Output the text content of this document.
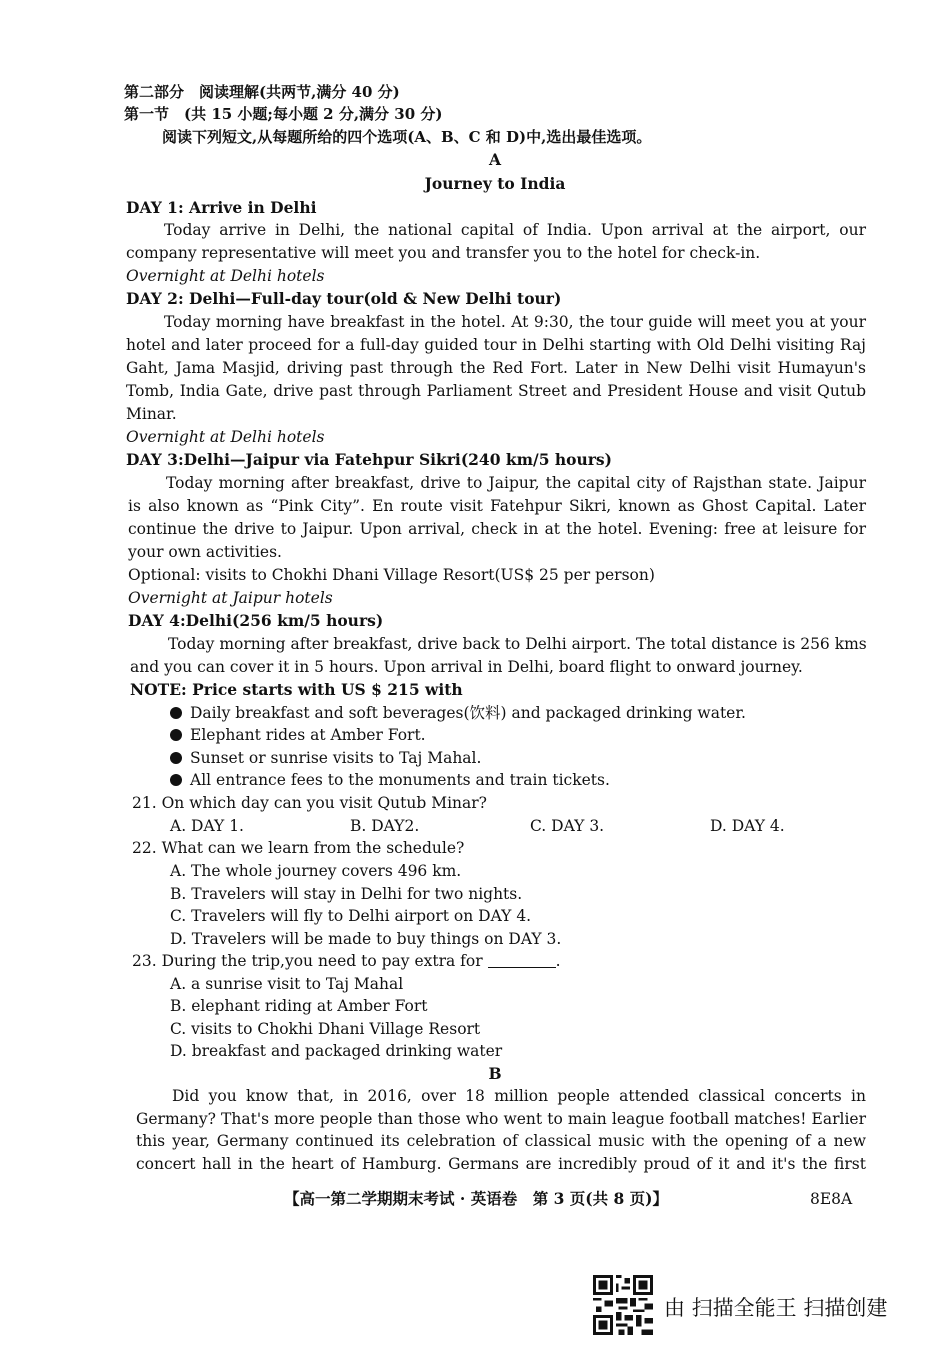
第二部分　阅读理解(共两节,满分 40 分)
第一节　(共 15 小题;每小题 2 分,满分 30 分)
阅读下列短文,从每题所给的四个选项(A、B、C 和 D)中,选出最佳选项。
A
Journey to India
DAY 1: Arrive in Delhi
Today arrive in Delhi, the national capital of India. Upon arrival at the airport, our
company representative will meet you and transfer you to the hotel for check-in.
Overnight at Delhi hotels
DAY 2: Delhi—Full-day tour(old & New Delhi tour)
Today morning have breakfast in the hotel. At 9:30, the tour guide will meet you at your
hotel and later proceed for a full-day guided tour in Delhi starting with Old Delhi visiting Raj
Gaht, Jama Masjid, driving past through the Red Fort. Later in New Delhi visit Humayun's
Tomb, India Gate, drive past through Parliament Street and President House and visit Qutub
Minar.
Overnight at Delhi hotels
DAY 3:Delhi—Jaipur via Fatehpur Sikri(240 km/5 hours)
Today morning after breakfast, drive to Jaipur, the capital city of Rajsthan state. Jaipur
is also known as “Pink City”. En route visit Fatehpur Sikri, known as Ghost Capital. Later
continue the drive to Jaipur. Upon arrival, check in at the hotel. Evening: free at leisure for
your own activities.
Optional: visits to Chokhi Dhani Village Resort(US$ 25 per person)
Overnight at Jaipur hotels
DAY 4:Delhi(256 km/5 hours)
Today morning after breakfast, drive back to Delhi airport. The total distance is 256 kms
and you can cover it in 5 hours. Upon arrival in Delhi, board flight to onward journey.
NOTE: Price starts with US $ 215 with
Daily breakfast and soft beverages(饮料) and packaged drinking water.
Elephant rides at Amber Fort.
Sunset or sunrise visits to Taj Mahal.
All entrance fees to the monuments and train tickets.
21. On which day can you visit Qutub Minar?
A. DAY 1.	B. DAY2.	C. DAY 3.	D. DAY 4.
22. What can we learn from the schedule?
A. The whole journey covers 496 km.
B. Travelers will stay in Delhi for two nights.
C. Travelers will fly to Delhi airport on DAY 4.
D. Travelers will be made to buy things on DAY 3.
23. During the trip,you need to pay extra for	.
A. a sunrise visit to Taj Mahal
B. elephant riding at Amber Fort
C. visits to Chokhi Dhani Village Resort
D. breakfast and packaged drinking water
B
Did you know that, in 2016, over 18 million people attended classical concerts in
Germany? That's more people than those who went to main league football matches! Earlier
this year, Germany continued its celebration of classical music with the opening of a new
concert hall in the heart of Hamburg. Germans are incredibly proud of it and it's the first
【高一第二学期期末考试 · 英语卷　第 3 页(共 8 页)】	8E8A
由 扫描全能王 扫描创建
